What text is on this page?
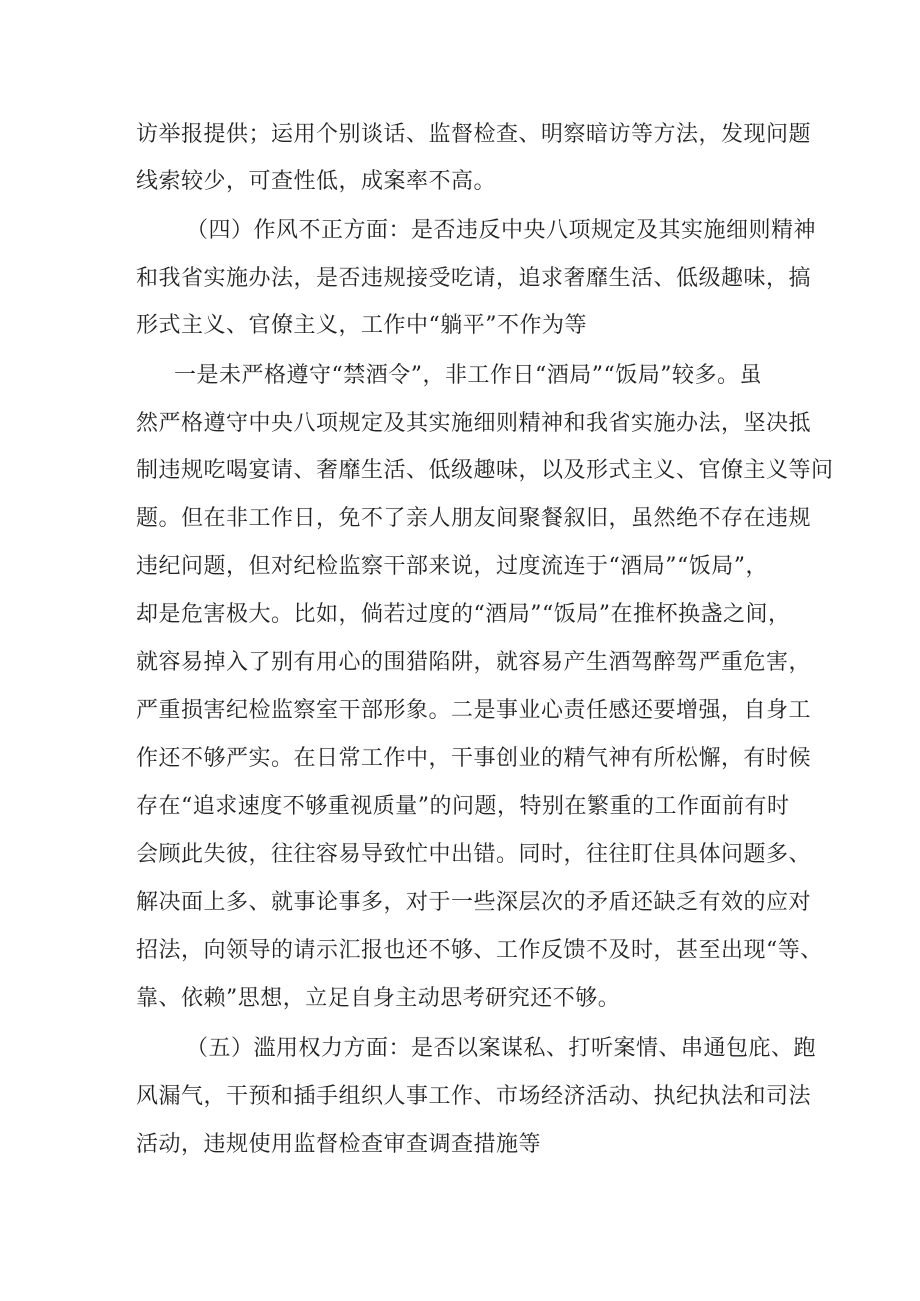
访举报提供；运用个别谈话、监督检查、明察暗访等方法，发现问题
线索较少，可查性低，成案率不高。
（四）作风不正方面：是否违反中央八项规定及其实施细则精神
和我省实施办法，是否违规接受吃请，追求奢靡生活、低级趣味，搞
形式主义、官僚主义，工作中“躺平”不作为等
一是未严格遵守“禁酒令”，非工作日“酒局”“饭局”较多。虽
然严格遵守中央八项规定及其实施细则精神和我省实施办法，坚决抵
制违规吃喝宴请、奢靡生活、低级趣味，以及形式主义、官僚主义等问
题。但在非工作日，免不了亲人朋友间聚餐叙旧，虽然绝不存在违规
违纪问题，但对纪检监察干部来说，过度流连于“酒局”“饭局”，
却是危害极大。比如，倘若过度的“酒局”“饭局”在推杯换盏之间，
就容易掉入了别有用心的围猎陷阱，就容易产生酒驾醉驾严重危害，
严重损害纪检监察室干部形象。二是事业心责任感还要增强，自身工
作还不够严实。在日常工作中，干事创业的精气神有所松懈，有时候
存在“追求速度不够重视质量”的问题，特别在繁重的工作面前有时
会顾此失彼，往往容易导致忙中出错。同时，往往盯住具体问题多、
解决面上多、就事论事多，对于一些深层次的矛盾还缺乏有效的应对
招法，向领导的请示汇报也还不够、工作反馈不及时，甚至出现“等、
靠、依赖”思想，立足自身主动思考研究还不够。
（五）滥用权力方面：是否以案谋私、打听案情、串通包庇、跑
风漏气，干预和插手组织人事工作、市场经济活动、执纪执法和司法
活动，违规使用监督检查审查调查措施等
